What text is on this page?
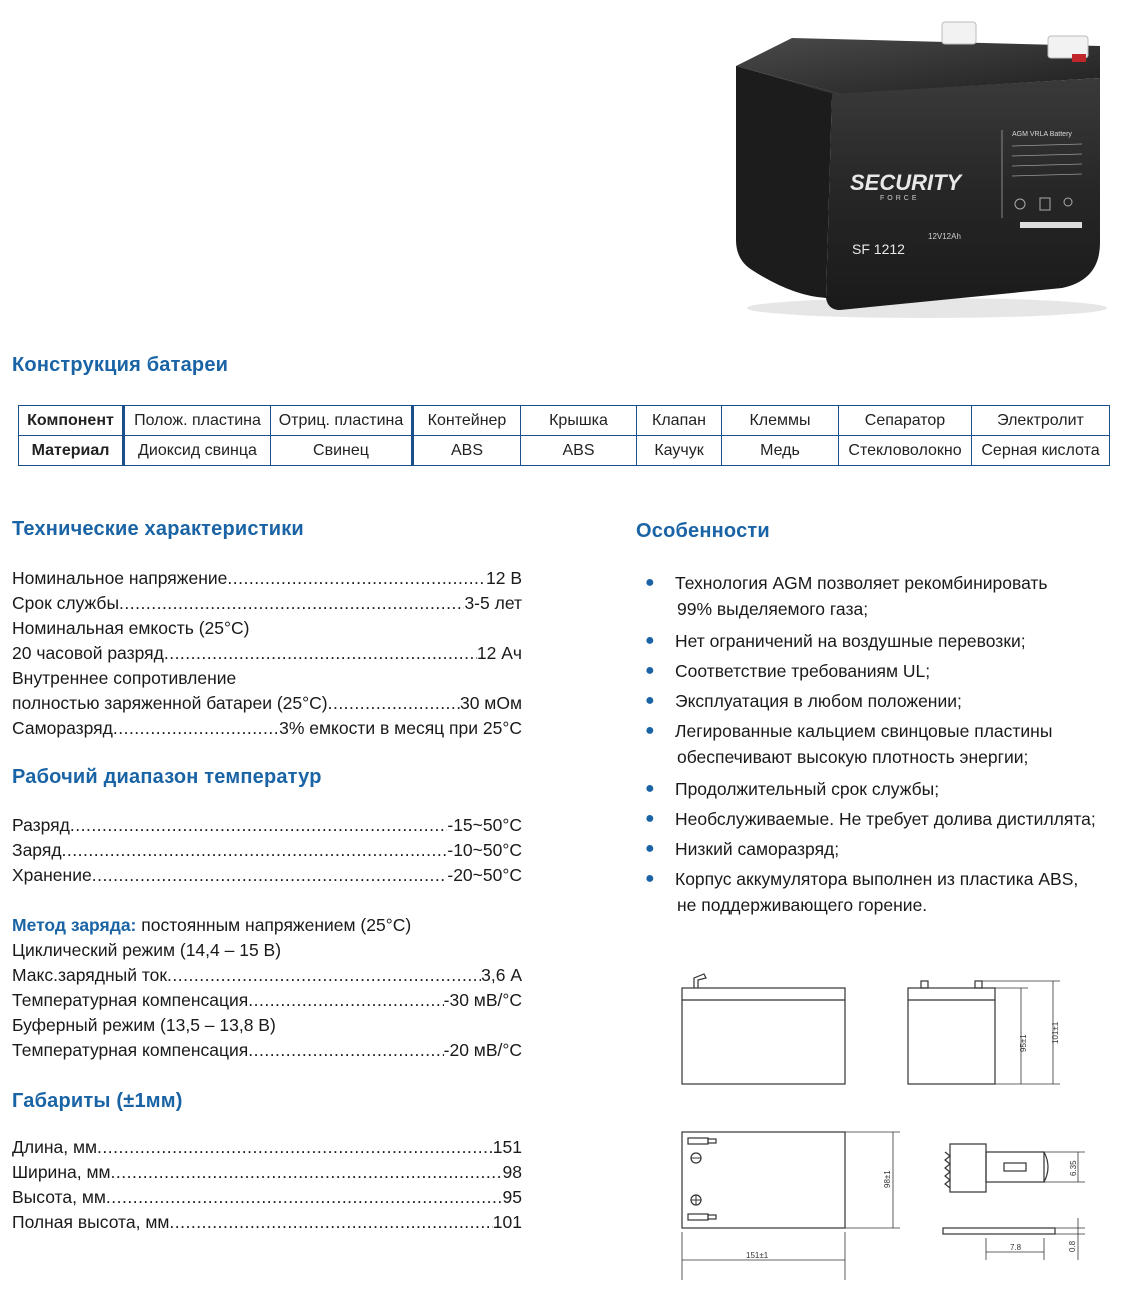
SECURITY
FORCE
SF 1212
12V12Ah
AGM VRLA Battery
Конструкция батареи
Компонент	Полож. пластина	Отриц. пластина	Контейнер	Крышка	Клапан	Клеммы	Сепаратор	Электролит
Материал	Диоксид свинца	Свинец	ABS	ABS	Каучук	Медь	Стекловолокно	Серная кислота
Технические характеристики
Номинальное напряжение .....	12 В
Срок службы .....	3-5 лет
Номинальная емкость (25°С)
20 часовой разряд .....	12 Ач
Внутреннее сопротивление
полностью заряженной батареи (25°С) .....	30 мОм
Саморазряд .....	3% емкости в месяц при 25°С
Рабочий диапазон температур
Разряд .....	-15~50°С
Заряд .....	-10~50°С
Хранение .....	-20~50°С
Метод заряда: постоянным напряжением (25°С)
Циклический режим (14,4 – 15 В)
Макс.зарядный ток .....	3,6 А
Температурная компенсация .....	-30 мВ/°С
Буферный режим (13,5 – 13,8 В)
Температурная компенсация .....	-20 мВ/°С
Габариты (±1мм)
Длина, мм .....	151
Ширина, мм .....	98
Высота, мм .....	95
Полная высота, мм .....	101
Особенности
●	Технология AGM позволяет рекомбинировать
99% выделяемого газа;
●	Нет ограничений на воздушные перевозки;
●	Соответствие требованиям UL;
●	Эксплуатация в любом положении;
●	Легированные кальцием свинцовые пластины
обеспечивают высокую плотность энергии;
●	Продолжительный срок службы;
●	Необслуживаемые. Не требует долива дистиллята;
●	Низкий саморазряд;
●	Корпус аккумулятора выполнен из пластика ABS,
не поддерживающего горение.
95±1	101±1
98±1
151±1
6.35
7.8	0.8
